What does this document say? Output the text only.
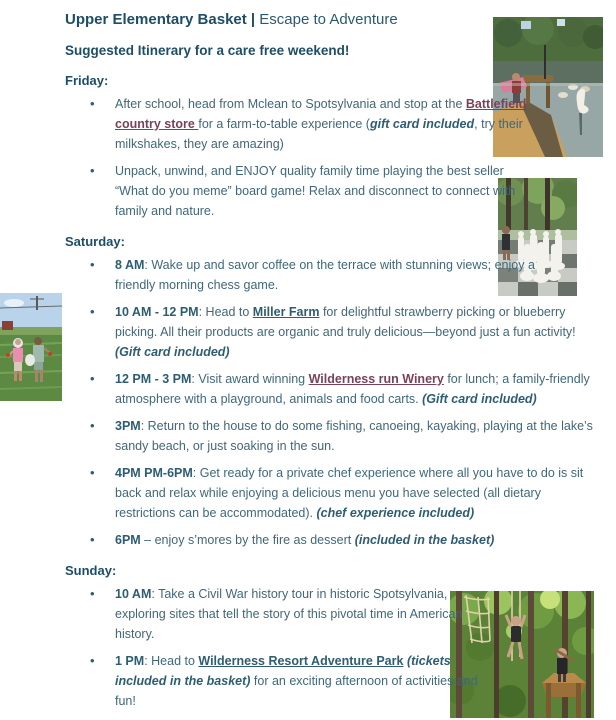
Upper Elementary Basket | Escape to Adventure
Suggested Itinerary for a care free weekend!
Friday:
• After school, head from Mclean to Spotsylvania and stop at the Battlefield country store for a farm-to-table experience (gift card included, try their milkshakes, they are amazing)
• Unpack, unwind, and ENJOY quality family time playing the best seller “What do you meme” board game! Relax and disconnect to connect with family and nature.
Saturday:
• 8 AM: Wake up and savor coffee on the terrace with stunning views; enjoy a friendly morning chess game.
• 10 AM - 12 PM: Head to Miller Farm for delightful strawberry picking or blueberry picking. All their products are organic and truly delicious—beyond just a fun activity! (Gift card included)
• 12 PM - 3 PM: Visit award winning Wilderness run Winery for lunch; a family-friendly atmosphere with a playground, animals and food carts. (Gift card included)
• 3PM: Return to the house to do some fishing, canoeing, kayaking, playing at the lake’s sandy beach, or just soaking in the sun.
• 4PM PM-6PM: Get ready for a private chef experience where all you have to do is sit back and relax while enjoying a delicious menu you have selected (all dietary restrictions can be accommodated). (chef experience included)
• 6PM – enjoy s’mores by the fire as dessert (included in the basket)
Sunday:
• 10 AM: Take a Civil War history tour in historic Spotsylvania, exploring sites that tell the story of this pivotal time in American history.
• 1 PM: Head to Wilderness Resort Adventure Park (tickets included in the basket) for an exciting afternoon of activities and fun!
